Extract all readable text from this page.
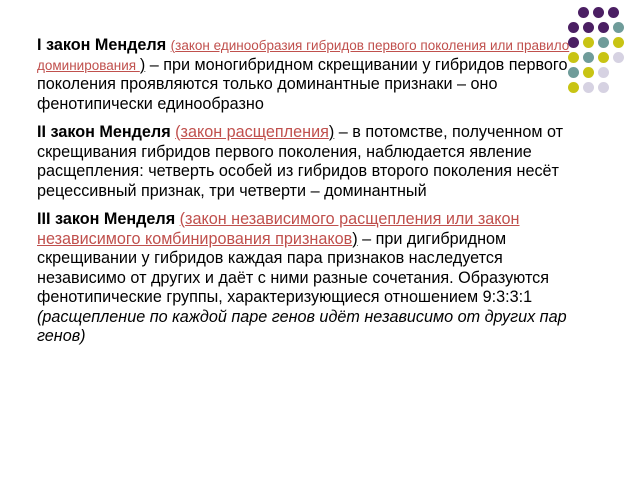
I закон Менделя (закон единообразия гибридов первого поколения или правило доминирования ) – при моногибридном скрещивании у гибридов первого поколения проявляются только доминантные признаки – оно фенотипически единообразно

II закон Менделя (закон расщепления) – в потомстве, полученном от скрещивания гибридов первого поколения, наблюдается явление расщепления: четверть особей из гибридов второго поколения несёт рецессивный признак, три четверти – доминантный

III закон Менделя (закон независимого расщепления или закон независимого комбинирования признаков) – при дигибридном скрещивании у гибридов каждая пара признаков наследуется независимо от других и даёт с ними разные сочетания. Образуются фенотипические группы, характеризующиеся отношением 9:3:3:1 (расщепление по каждой паре генов идёт независимо от других пар генов)
